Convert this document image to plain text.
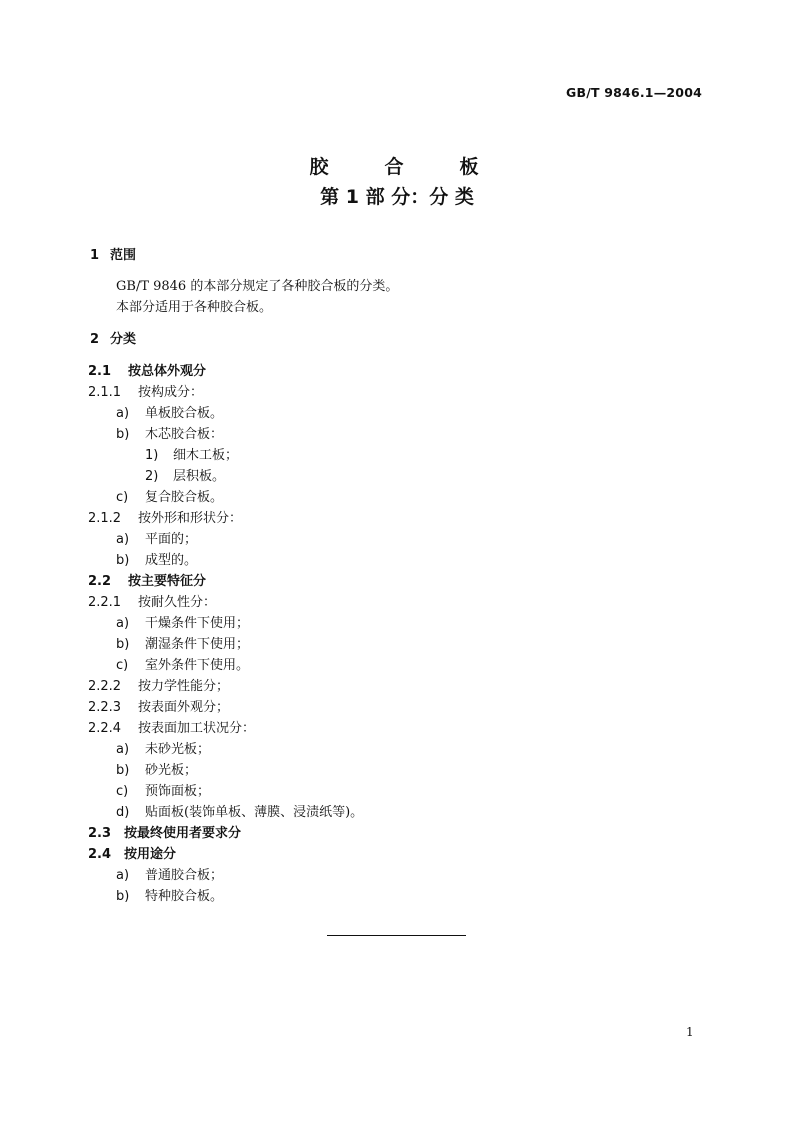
GB/T 9846.1—2004
胶　　合　　板
第 1 部 分：分 类
1 范围
GB/T 9846 的本部分规定了各种胶合板的分类。
本部分适用于各种胶合板。
2 分类
2.1 按总体外观分
2.1.1 按构成分：
a) 单板胶合板。
b) 木芯胶合板：
1) 细木工板；
2) 层积板。
c) 复合胶合板。
2.1.2 按外形和形状分：
a) 平面的；
b) 成型的。
2.2 按主要特征分
2.2.1 按耐久性分：
a) 干燥条件下使用；
b) 潮湿条件下使用；
c) 室外条件下使用。
2.2.2 按力学性能分；
2.2.3 按表面外观分；
2.2.4 按表面加工状况分：
a) 未砂光板；
b) 砂光板；
c) 预饰面板；
d) 贴面板(装饰单板、薄膜、浸渍纸等)。
2.3 按最终使用者要求分
2.4 按用途分
a) 普通胶合板；
b) 特种胶合板。
1
